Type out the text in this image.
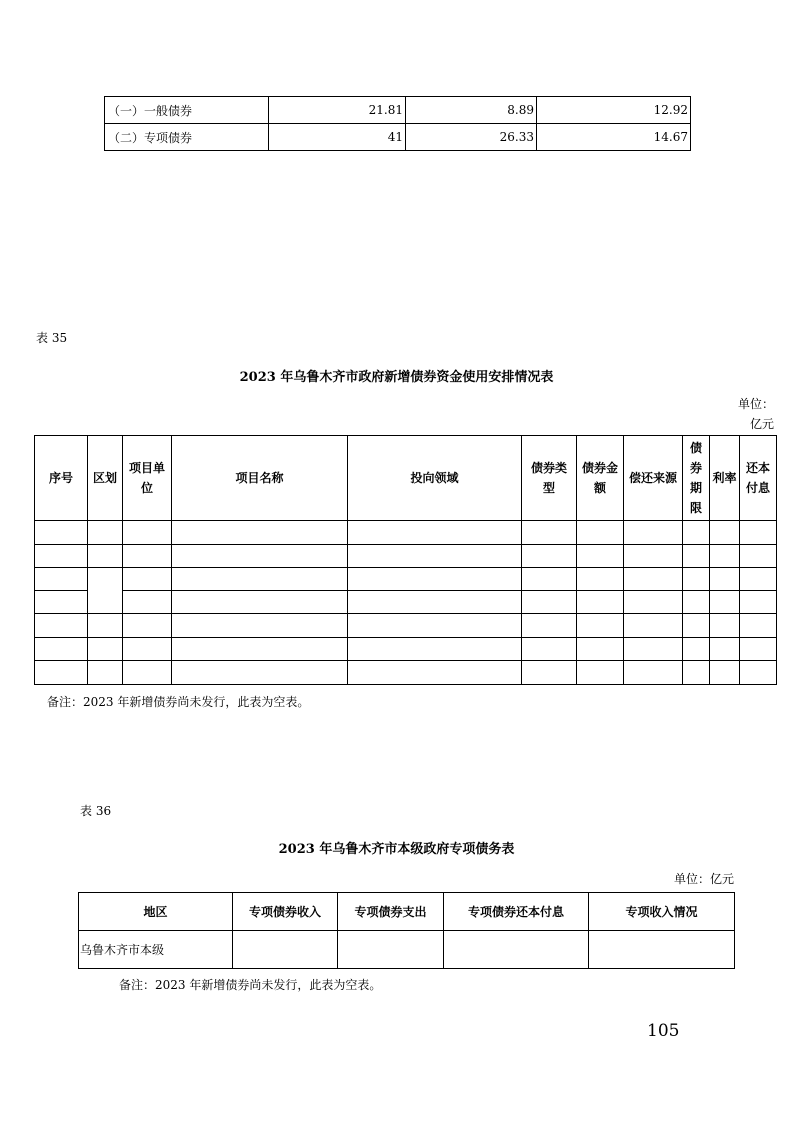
（一）一般债券	21.81	8.89	12.92
（二）专项债券	41	26.33	14.67
表 35
2023 年乌鲁木齐市政府新增债券资金使用安排情况表
单位：
亿元
序号	区划	项目单位	项目名称	投向领域	债券类型	债券金额	偿还来源	债券期限	利率	还本付息

备注：2023 年新增债券尚未发行，此表为空表。
表 36
2023 年乌鲁木齐市本级政府专项债务表
单位：亿元
地区	专项债券收入	专项债券支出	专项债券还本付息	专项收入情况
乌鲁木齐市本级				
备注：2023 年新增债券尚未发行，此表为空表。
105
